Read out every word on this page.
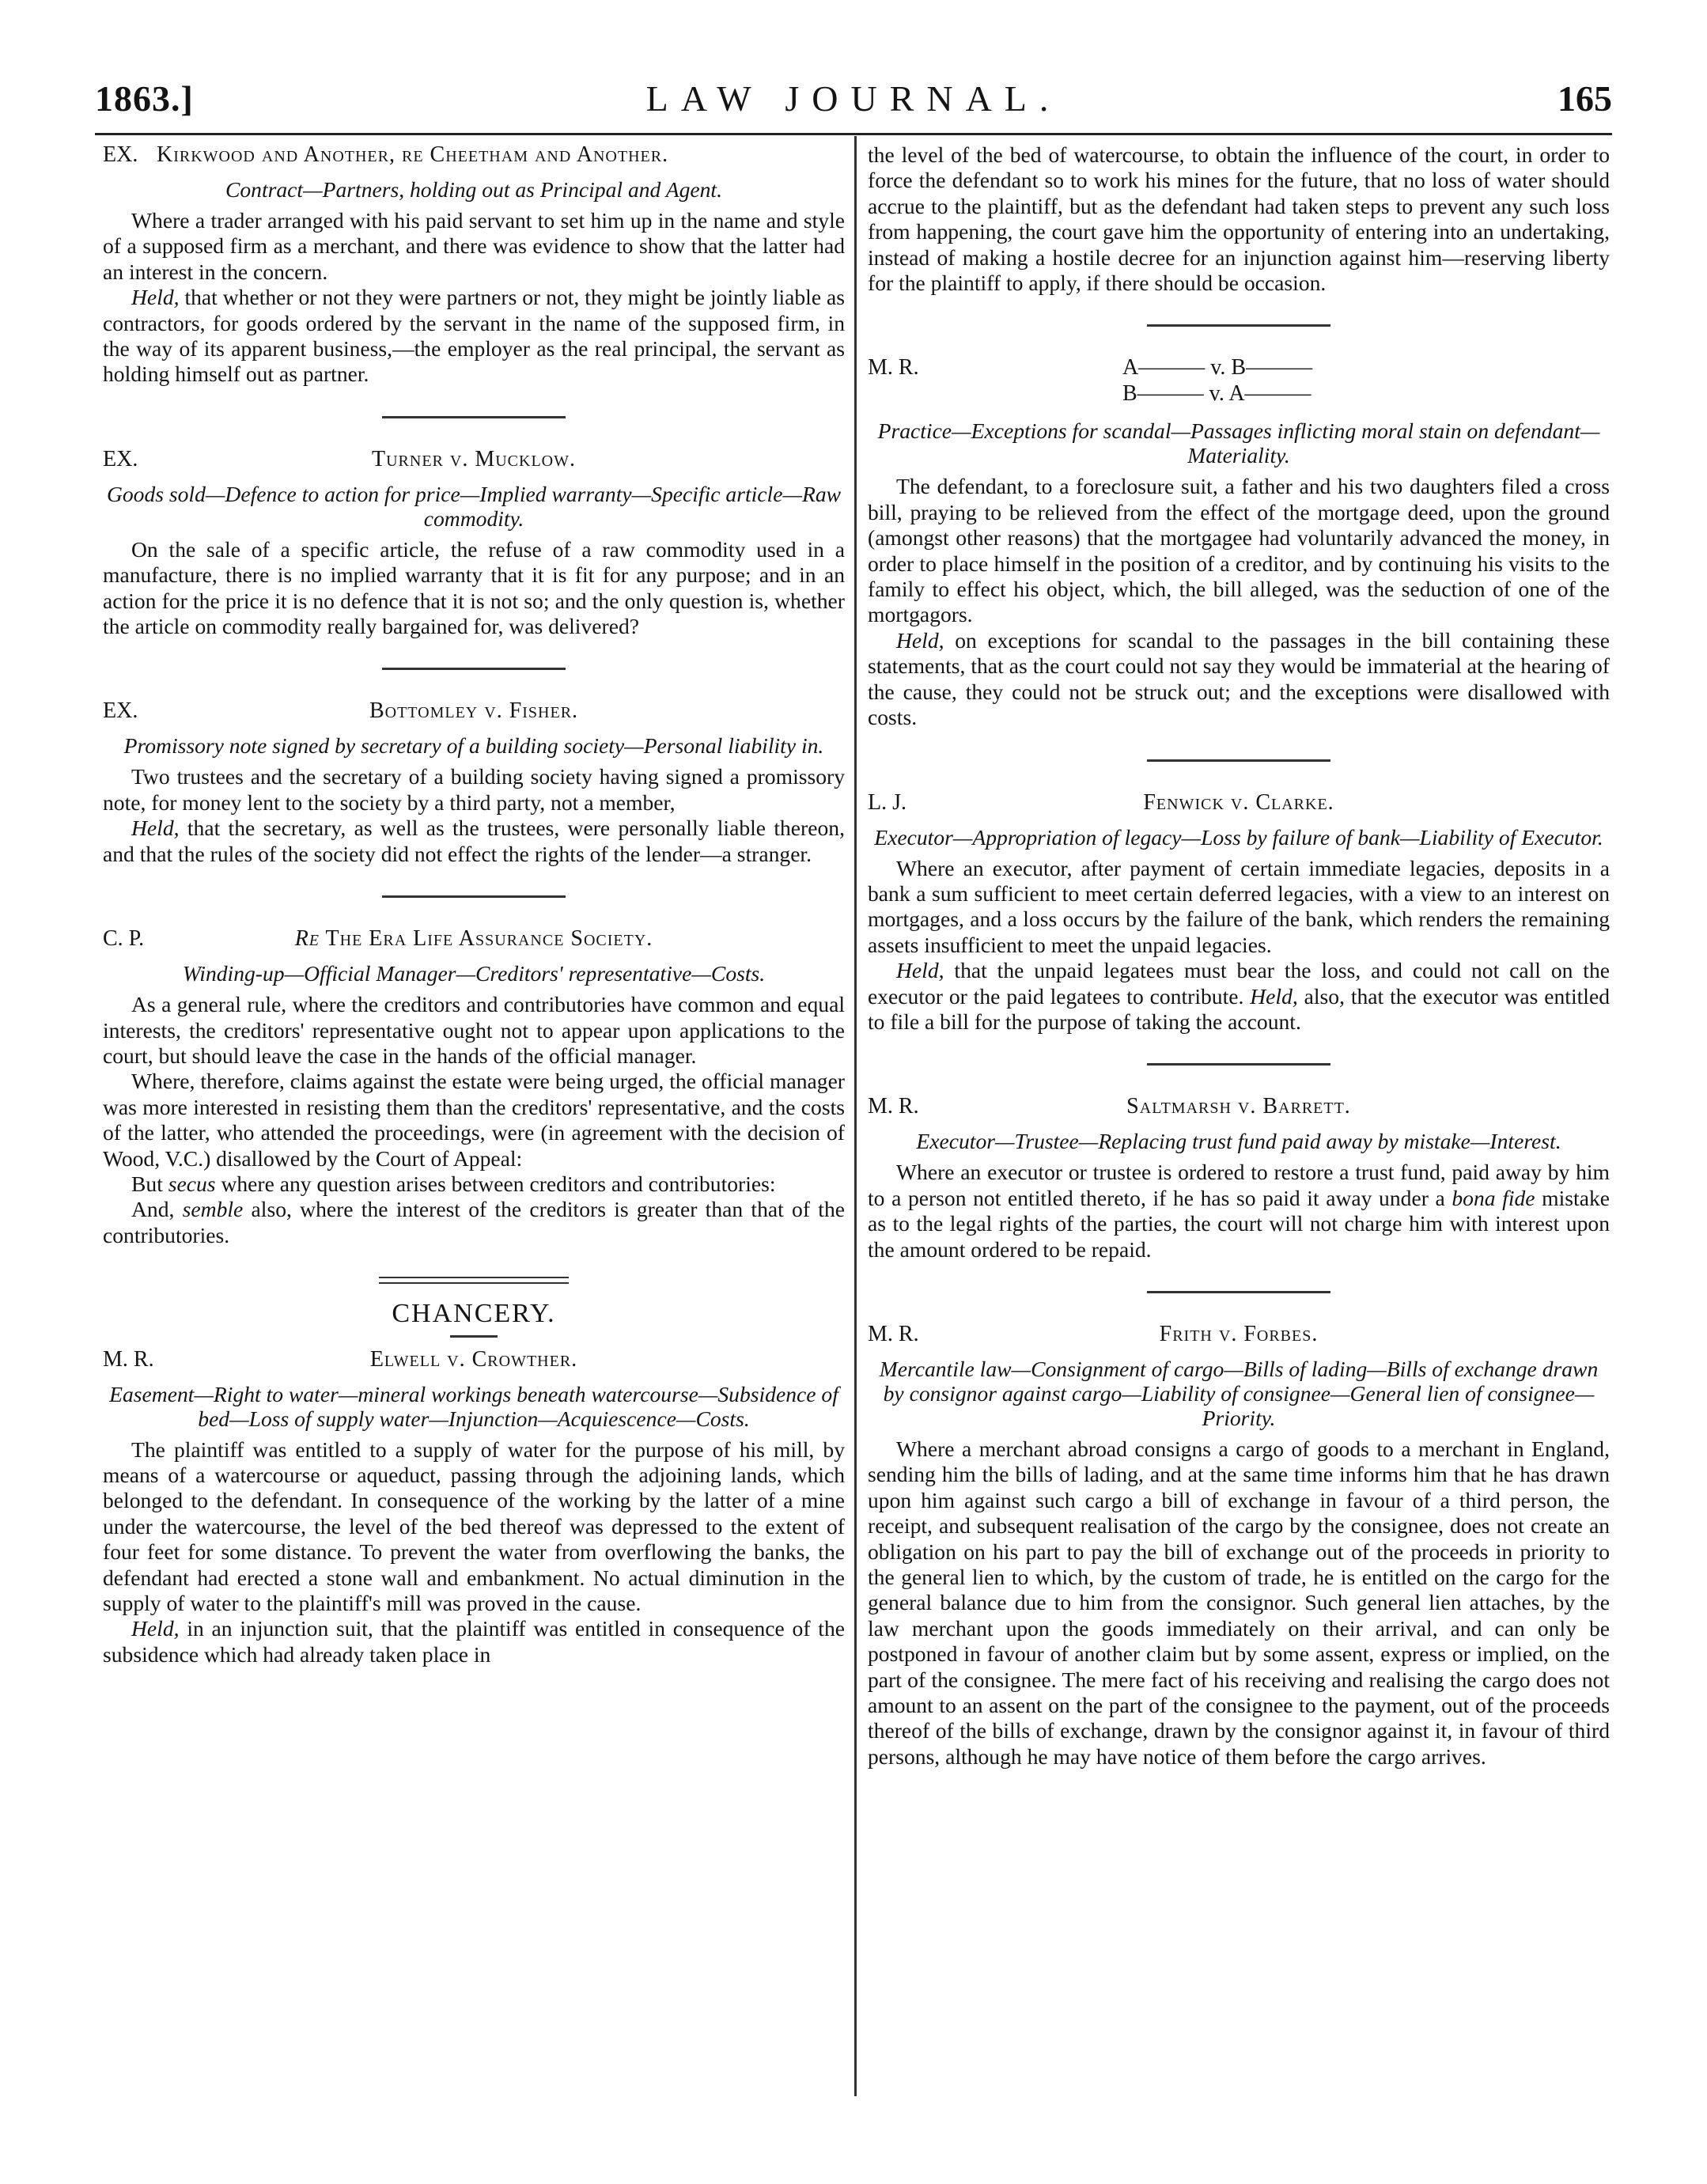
LAW JOURNAL.
1863.]	165
EX. Kirkwood and Another, re Cheetham and Another.
Contract—Partners, holding out as Principal and Agent.

Where a trader arranged with his paid servant to set him up in the name and style of a supposed firm as a merchant, and there was evidence to show that the latter had an interest in the concern.

Held, that whether or not they were partners or not, they might be jointly liable as contractors, for goods ordered by the servant in the name of the supposed firm, in the way of its apparent business,—the employer as the real principal, the servant as holding himself out as partner.

EX.	Turner v. Mucklow.
Goods sold—Defence to action for price—Implied warranty—Specific article—Raw commodity.

On the sale of a specific article, the refuse of a raw commodity used in a manufacture, there is no implied warranty that it is fit for any purpose; and in an action for the price it is no defence that it is not so; and the only question is, whether the article on commodity really bargained for, was delivered?

EX.	Bottomley v. Fisher.
Promissory note signed by secretary of a building society—Personal liability in.

Two trustees and the secretary of a building society having signed a promissory note, for money lent to the society by a third party, not a member,

Held, that the secretary, as well as the trustees, were personally liable thereon, and that the rules of the society did not effect the rights of the lender—a stranger.

C. P.	Re The Era Life Assurance Society.
Winding-up—Official Manager—Creditors' representative—Costs.

As a general rule, where the creditors and contributories have common and equal interests, the creditors' representative ought not to appear upon applications to the court, but should leave the case in the hands of the official manager.

Where, therefore, claims against the estate were being urged, the official manager was more interested in resisting them than the creditors' representative, and the costs of the latter, who attended the proceedings, were (in agreement with the decision of Wood, V.C.) disallowed by the Court of Appeal:

But secus where any question arises between creditors and contributories:

And, semble also, where the interest of the creditors is greater than that of the contributories.

CHANCERY.
M. R.	Elwell v. Crowther.
Easement—Right to water—mineral workings beneath watercourse—Subsidence of bed—Loss of supply water—Injunction—Acquiescence—Costs.

The plaintiff was entitled to a supply of water for the purpose of his mill, by means of a watercourse or aqueduct, passing through the adjoining lands, which belonged to the defendant. In consequence of the working by the latter of a mine under the watercourse, the level of the bed thereof was depressed to the extent of four feet for some distance. To prevent the water from overflowing the banks, the defendant had erected a stone wall and embankment. No actual diminution in the supply of water to the plaintiff's mill was proved in the cause.

Held, in an injunction suit, that the plaintiff was entitled in consequence of the subsidence which had already taken place in

the level of the bed of watercourse, to obtain the influence of the court, in order to force the defendant so to work his mines for the future, that no loss of water should accrue to the plaintiff, but as the defendant had taken steps to prevent any such loss from happening, the court gave him the opportunity of entering into an undertaking, instead of making a hostile decree for an injunction against him—reserving liberty for the plaintiff to apply, if there should be occasion.

M. R.	A——— v. B———
B——— v. A———
Practice—Exceptions for scandal—Passages inflicting moral stain on defendant—Materiality.

The defendant, to a foreclosure suit, a father and his two daughters filed a cross bill, praying to be relieved from the effect of the mortgage deed, upon the ground (amongst other reasons) that the mortgagee had voluntarily advanced the money, in order to place himself in the position of a creditor, and by continuing his visits to the family to effect his object, which, the bill alleged, was the seduction of one of the mortgagors.

Held, on exceptions for scandal to the passages in the bill containing these statements, that as the court could not say they would be immaterial at the hearing of the cause, they could not be struck out; and the exceptions were disallowed with costs.

L. J.	Fenwick v. Clarke.
Executor—Appropriation of legacy—Loss by failure of bank—Liability of Executor.

Where an executor, after payment of certain immediate legacies, deposits in a bank a sum sufficient to meet certain deferred legacies, with a view to an interest on mortgages, and a loss occurs by the failure of the bank, which renders the remaining assets insufficient to meet the unpaid legacies.

Held, that the unpaid legatees must bear the loss, and could not call on the executor or the paid legatees to contribute. Held, also, that the executor was entitled to file a bill for the purpose of taking the account.

M. R.	Saltmarsh v. Barrett.
Executor—Trustee—Replacing trust fund paid away by mistake—Interest.

Where an executor or trustee is ordered to restore a trust fund, paid away by him to a person not entitled thereto, if he has so paid it away under a bona fide mistake as to the legal rights of the parties, the court will not charge him with interest upon the amount ordered to be repaid.

M. R.	Frith v. Forbes.
Mercantile law—Consignment of cargo—Bills of lading—Bills of exchange drawn by consignor against cargo—Liability of consignee—General lien of consignee—Priority.

Where a merchant abroad consigns a cargo of goods to a merchant in England, sending him the bills of lading, and at the same time informs him that he has drawn upon him against such cargo a bill of exchange in favour of a third person, the receipt, and subsequent realisation of the cargo by the consignee, does not create an obligation on his part to pay the bill of exchange out of the proceeds in priority to the general lien to which, by the custom of trade, he is entitled on the cargo for the general balance due to him from the consignor. Such general lien attaches, by the law merchant upon the goods immediately on their arrival, and can only be postponed in favour of another claim but by some assent, express or implied, on the part of the consignee. The mere fact of his receiving and realising the cargo does not amount to an assent on the part of the consignee to the payment, out of the proceeds thereof of the bills of exchange, drawn by the consignor against it, in favour of third persons, although he may have notice of them before the cargo arrives.
